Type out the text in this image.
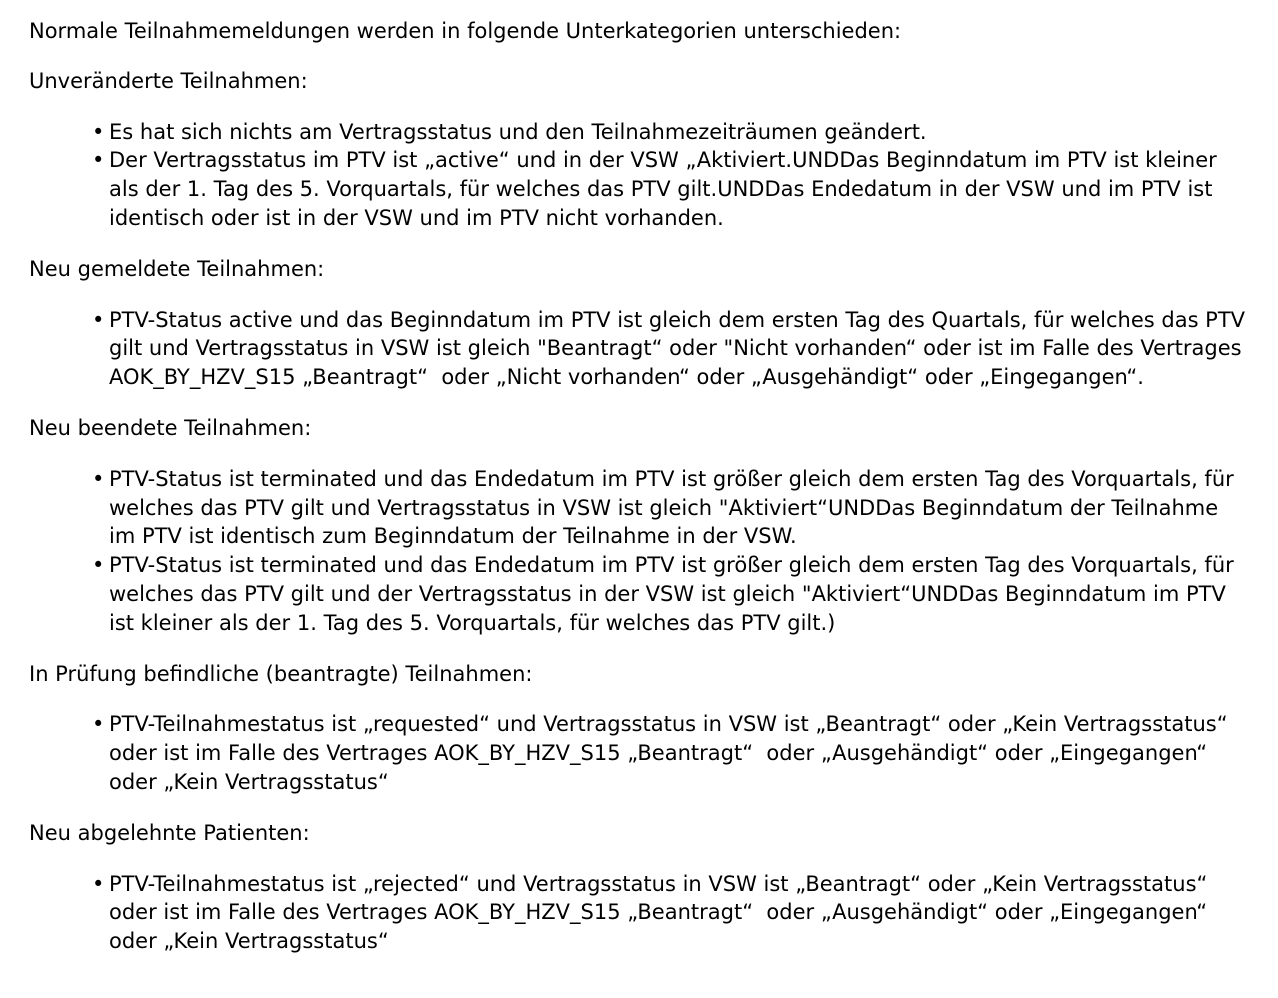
Normale Teilnahmemeldungen werden in folgende Unterkategorien unterschieden:

Unveränderte Teilnahmen:

• Es hat sich nichts am Vertragsstatus und den Teilnahmezeiträumen geändert.
• Der Vertragsstatus im PTV ist „active“ und in der VSW „Aktiviert.UNDDas Beginndatum im PTV ist kleiner als der 1. Tag des 5. Vorquartals, für welches das PTV gilt.UNDDas Endedatum in der VSW und im PTV ist identisch oder ist in der VSW und im PTV nicht vorhanden.

Neu gemeldete Teilnahmen:

• PTV-Status active und das Beginndatum im PTV ist gleich dem ersten Tag des Quartals, für welches das PTV gilt und Vertragsstatus in VSW ist gleich "Beantragt“ oder "Nicht vorhanden“ oder ist im Falle des Vertrages AOK_BY_HZV_S15 „Beantragt“  oder „Nicht vorhanden“ oder „Ausgehändigt“ oder „Eingegangen“.

Neu beendete Teilnahmen:

• PTV-Status ist terminated und das Endedatum im PTV ist größer gleich dem ersten Tag des Vorquartals, für welches das PTV gilt und Vertragsstatus in VSW ist gleich "Aktiviert“UNDDas Beginndatum der Teilnahme im PTV ist identisch zum Beginndatum der Teilnahme in der VSW.
• PTV-Status ist terminated und das Endedatum im PTV ist größer gleich dem ersten Tag des Vorquartals, für welches das PTV gilt und der Vertragsstatus in der VSW ist gleich "Aktiviert“UNDDas Beginndatum im PTV ist kleiner als der 1. Tag des 5. Vorquartals, für welches das PTV gilt.)

In Prüfung befindliche (beantragte) Teilnahmen:

• PTV-Teilnahmestatus ist „requested“ und Vertragsstatus in VSW ist „Beantragt“ oder „Kein Vertragsstatus“ oder ist im Falle des Vertrages AOK_BY_HZV_S15 „Beantragt“  oder „Ausgehändigt“ oder „Eingegangen“ oder „Kein Vertragsstatus“

Neu abgelehnte Patienten:

• PTV-Teilnahmestatus ist „rejected“ und Vertragsstatus in VSW ist „Beantragt“ oder „Kein Vertragsstatus“ oder ist im Falle des Vertrages AOK_BY_HZV_S15 „Beantragt“  oder „Ausgehändigt“ oder „Eingegangen“ oder „Kein Vertragsstatus“
